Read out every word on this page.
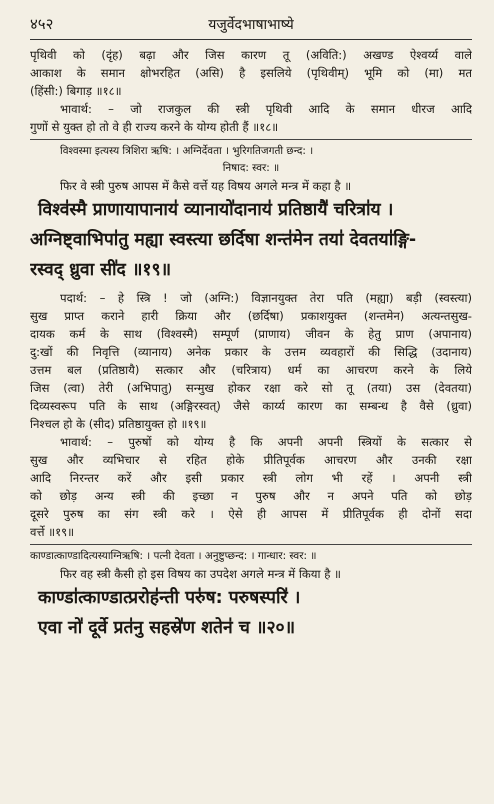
४५२	यजुर्वेदभाषाभाष्ये
पृथिवी को (दृंह) बढ़ा और जिस कारण तू (अविति:) अखण्ड ऐश्वर्य्य वाले
आकाश के समान क्षोभरहित (असि) है इसलिये (पृथिवीम्) भूमि को (मा) मत
(हिंसी:) बिगाड़ ॥१८॥
भावार्थ: – जो राजकुल की स्त्री पृथिवी आदि के समान धीरज आदि
गुणों से युक्त हो तो वे ही राज्य करने के योग्य होती हैं ॥१८॥
विश्वस्मा इत्यस्य त्रिशिरा ऋषि: । अग्निर्देवता । भुरिगतिजगती छन्द: ।
निषाद: स्वर: ॥
फिर वे स्त्री पुरुष आपस में कैसे वर्त्ते यह विषय अगले मन्त्र में कहा है ॥
विश्व॑स्मै प्राणायापानाय॑ व्यानायो॑दानाय॑ प्रतिष्ठायै॑ चरित्रा॑य ।
अग्निष्ट्वाभिपा॑तु मह्या स्वस्त्या छर्दिषा शन्त॑मेन तया॑ देवतया॑ङ्गि-
रस्वद् ध्रुवा सी॑द ॥१९॥
पदार्थ: – हे स्त्रि ! जो (अग्नि:) विज्ञानयुक्त तेरा पति (मह्या) बड़ी (स्वस्त्या)
सुख प्राप्त कराने हारी क्रिया और (छर्दिषा) प्रकाशयुक्त (शन्तमेन) अत्यन्तसुख-
दायक कर्म के साथ (विश्वस्मै) सम्पूर्ण (प्राणाय) जीवन के हेतु प्राण (अपानाय)
दु:खों की निवृत्ति (व्यानाय) अनेक प्रकार के उत्तम व्यवहारों की सिद्धि (उदानाय)
उत्तम बल (प्रतिष्ठायै) सत्कार और (चरित्राय) धर्म का आचरण करने के लिये
जिस (त्वा) तेरी (अभिपातु) सन्मुख होकर रक्षा करे सो तू (तया) उस (देवतया)
दिव्यस्वरूप पति के साथ (अङ्गिरस्वत्) जैसे कार्य्य कारण का सम्बन्ध है वैसे (ध्रुवा)
निश्चल हो के (सीद) प्रतिष्ठायुक्त हो ॥१९॥
भावार्थ: – पुरुषों को योग्य है कि अपनी अपनी स्त्रियों के सत्कार से
सुख और व्यभिचार से रहित होके प्रीतिपूर्वक आचरण और उनकी रक्षा
आदि निरन्तर करें और इसी प्रकार स्त्री लोग भी रहें । अपनी स्त्री
को छोड़ अन्य स्त्री की इच्छा न पुरुष और न अपने पति को छोड़
दूसरे पुरुष का संग स्त्री करे । ऐसे ही आपस में प्रीतिपूर्वक ही दोनों सदा
वर्त्ते ॥१९॥
काण्डात्काण्डादित्यस्याग्निऋषि: । पत्नी देवता । अनुष्टुप्छन्द: । गान्धार: स्वर: ॥
फिर वह स्त्री कैसी हो इस विषय का उपदेश अगले मन्त्र में किया है ॥
काण्डा॑त्काण्डात्प्ररोह॑न्ती परु॑ष: परुषस्परि॑ ।
एवा नो॑ दूर्वे प्रत॑नु सहस्रे॑ण शतेन॑ च ॥२०॥
